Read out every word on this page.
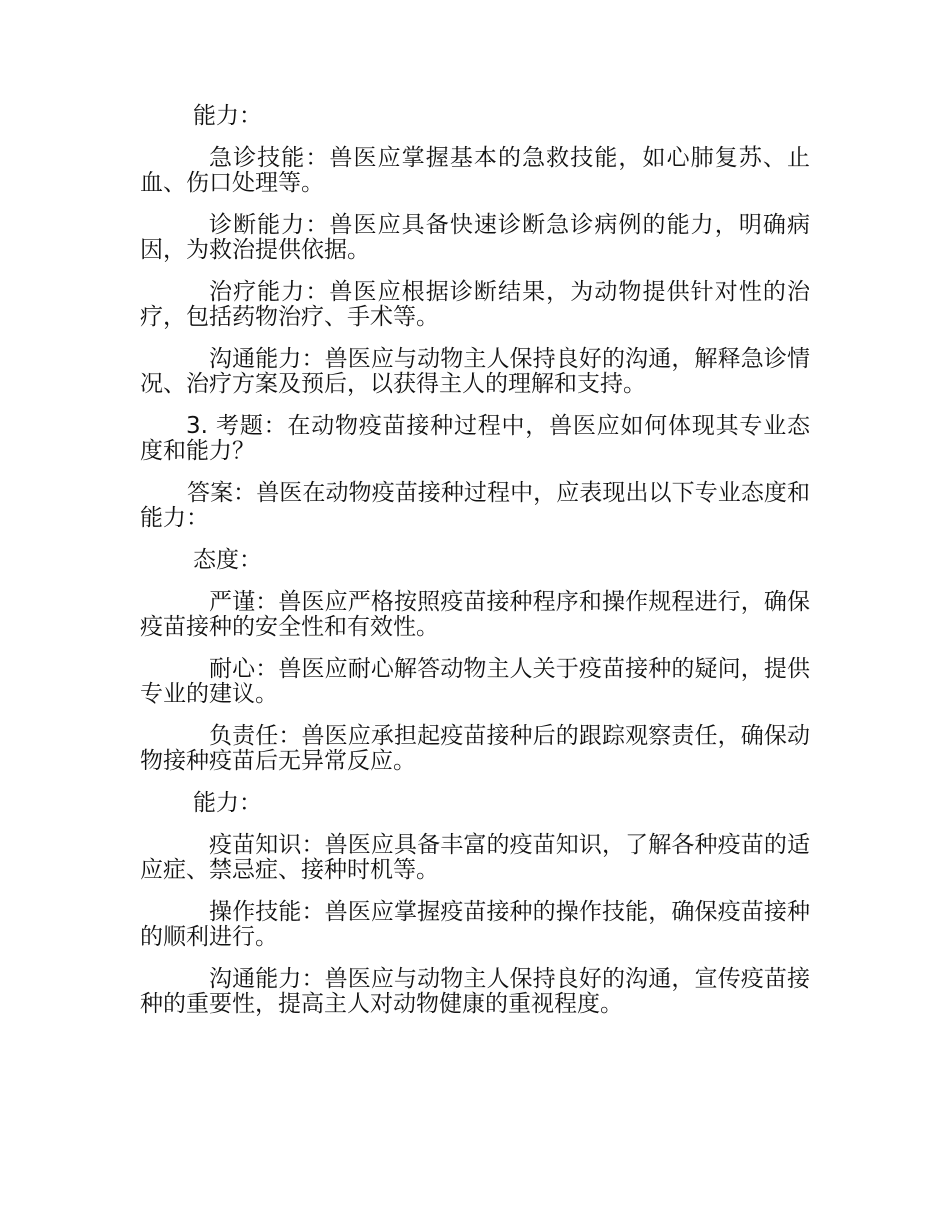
能力：

急诊技能：兽医应掌握基本的急救技能，如心肺复苏、止血、伤口处理等。

诊断能力：兽医应具备快速诊断急诊病例的能力，明确病因，为救治提供依据。

治疗能力：兽医应根据诊断结果，为动物提供针对性的治疗，包括药物治疗、手术等。

沟通能力：兽医应与动物主人保持良好的沟通，解释急诊情况、治疗方案及预后，以获得主人的理解和支持。

3. 考题：在动物疫苗接种过程中，兽医应如何体现其专业态度和能力？

答案：兽医在动物疫苗接种过程中，应表现出以下专业态度和能力：

态度：

严谨：兽医应严格按照疫苗接种程序和操作规程进行，确保疫苗接种的安全性和有效性。

耐心：兽医应耐心解答动物主人关于疫苗接种的疑问，提供专业的建议。

负责任：兽医应承担起疫苗接种后的跟踪观察责任，确保动物接种疫苗后无异常反应。

能力：

疫苗知识：兽医应具备丰富的疫苗知识，了解各种疫苗的适应症、禁忌症、接种时机等。

操作技能：兽医应掌握疫苗接种的操作技能，确保疫苗接种的顺利进行。

沟通能力：兽医应与动物主人保持良好的沟通，宣传疫苗接种的重要性，提高主人对动物健康的重视程度。
